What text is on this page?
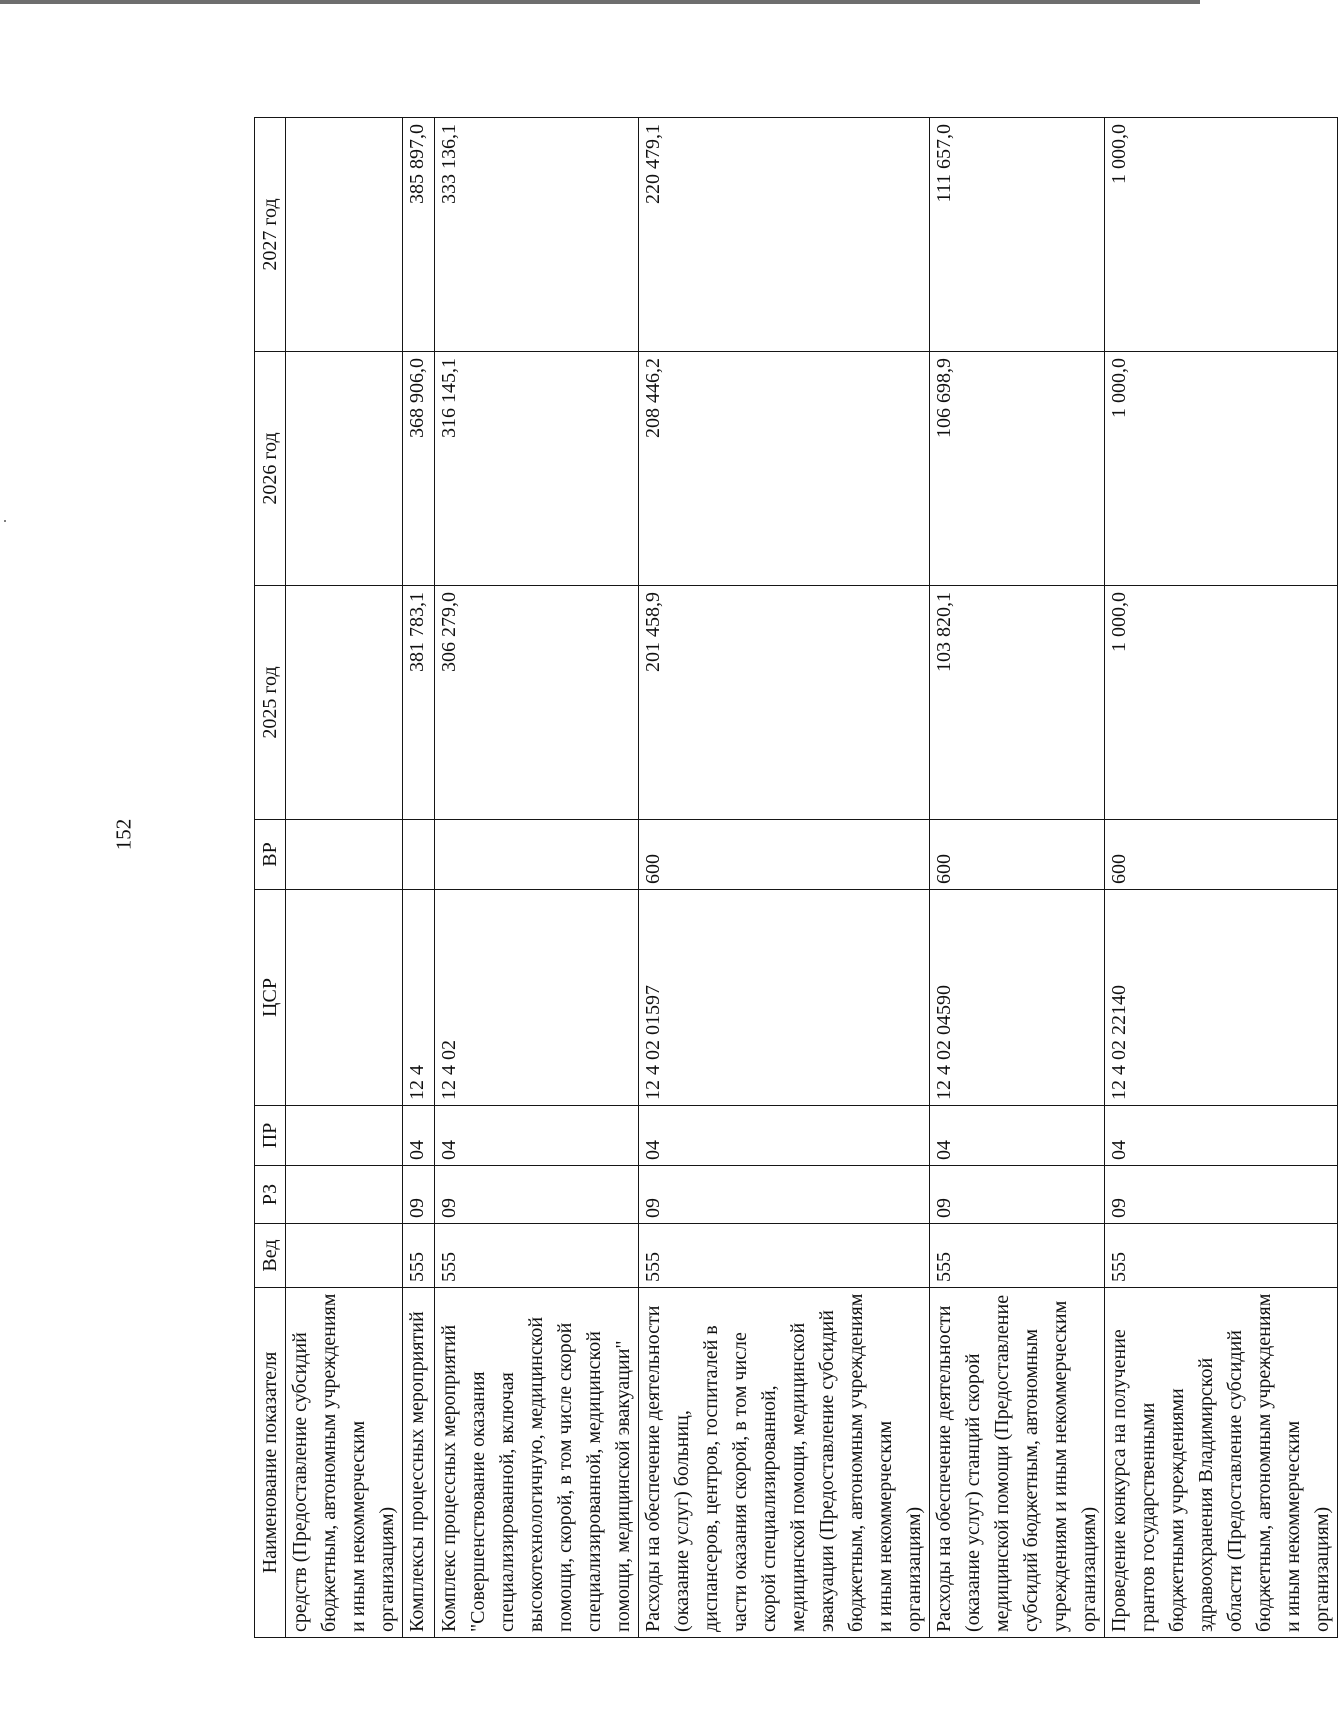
152
Наименование показателя	Вед	РЗ	ПР	ЦСР	ВР	2025 год	2026 год	2027 год
средств (Предоставление субсидий бюджетным, автономным учреждениям и иным некоммерческим организациям)								
Комплексы процессных мероприятий	555	09	04	12 4		381 783,1	368 906,0	385 897,0
Комплекс процессных мероприятий "Совершенствование оказания специализированной, включая высокотехнологичную, медицинской помощи, скорой, в том числе скорой специализированной, медицинской помощи, медицинской эвакуации"	555	09	04	12 4 02		306 279,0	316 145,1	333 136,1
Расходы на обеспечение деятельности (оказание услуг) больниц, диспансеров, центров, госпиталей в части оказания скорой, в том числе скорой специализированной, медицинской помощи, медицинской эвакуации (Предоставление субсидий бюджетным, автономным учреждениям и иным некоммерческим организациям)	555	09	04	12 4 02 01597	600	201 458,9	208 446,2	220 479,1
Расходы на обеспечение деятельности (оказание услуг) станций скорой медицинской помощи (Предоставление субсидий бюджетным, автономным учреждениям и иным некоммерческим организациям)	555	09	04	12 4 02 04590	600	103 820,1	106 698,9	111 657,0
Проведение конкурса на получение грантов государственными бюджетными учреждениями здравоохранения Владимирской области (Предоставление субсидий бюджетным, автономным учреждениям и иным некоммерческим организациям)	555	09	04	12 4 02 22140	600	1 000,0	1 000,0	1 000,0
